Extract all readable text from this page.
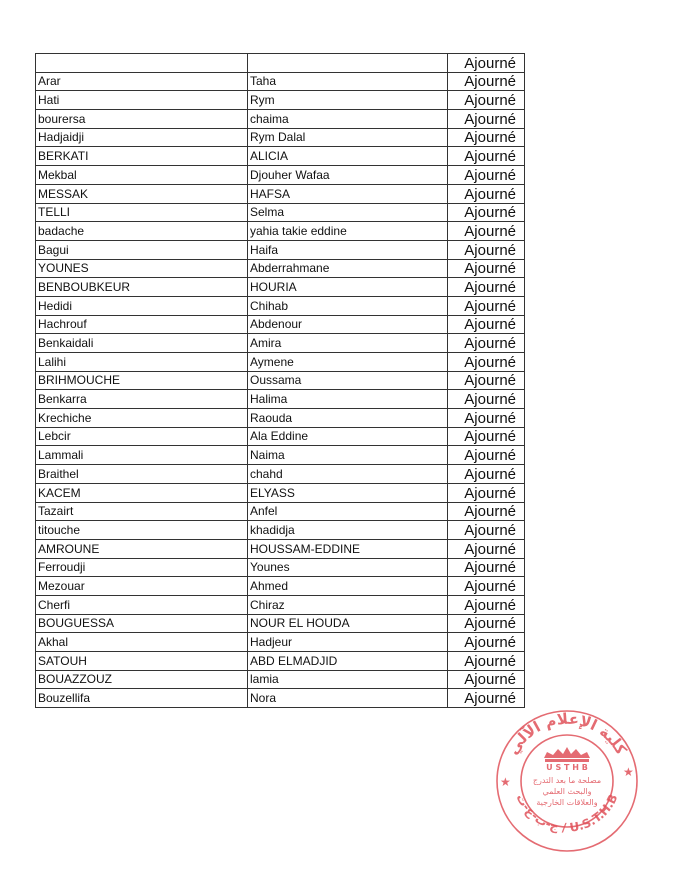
		Ajourné
Arar	Taha	Ajourné
Hati	Rym	Ajourné
bourersa	chaima	Ajourné
Hadjaidji	Rym Dalal	Ajourné
BERKATI	ALICIA	Ajourné
Mekbal	Djouher Wafaa	Ajourné
MESSAK	HAFSA	Ajourné
TELLI	Selma	Ajourné
badache	yahia takie eddine	Ajourné
Bagui	Haifa	Ajourné
YOUNES	Abderrahmane	Ajourné
BENBOUBKEUR	HOURIA	Ajourné
Hedidi	Chihab	Ajourné
Hachrouf	Abdenour	Ajourné
Benkaidali	Amira	Ajourné
Lalihi	Aymene	Ajourné
BRIHMOUCHE	Oussama	Ajourné
Benkarra	Halima	Ajourné
Krechiche	Raouda	Ajourné
Lebcir	Ala Eddine	Ajourné
Lammali	Naima	Ajourné
Braithel	chahd	Ajourné
KACEM	ELYASS	Ajourné
Tazairt	Anfel	Ajourné
titouche	khadidja	Ajourné
AMROUNE	HOUSSAM-EDDINE	Ajourné
Ferroudji	Younes	Ajourné
Mezouar	Ahmed	Ajourné
Cherfi	Chiraz	Ajourné
BOUGUESSA	NOUR EL HOUDA	Ajourné
Akhal	Hadjeur	Ajourné
SATOUH	ABD ELMADJID	Ajourné
BOUAZZOUZ	lamia	Ajourné
Bouzellifa	Nora	Ajourné
★
★
كلية الإعلام الآلي
ج-ب-ع-ت / U.S.T.H.B
U S T H B
مصلحة ما بعد التدرج
والبحث العلمي
والعلاقات الخارجية
